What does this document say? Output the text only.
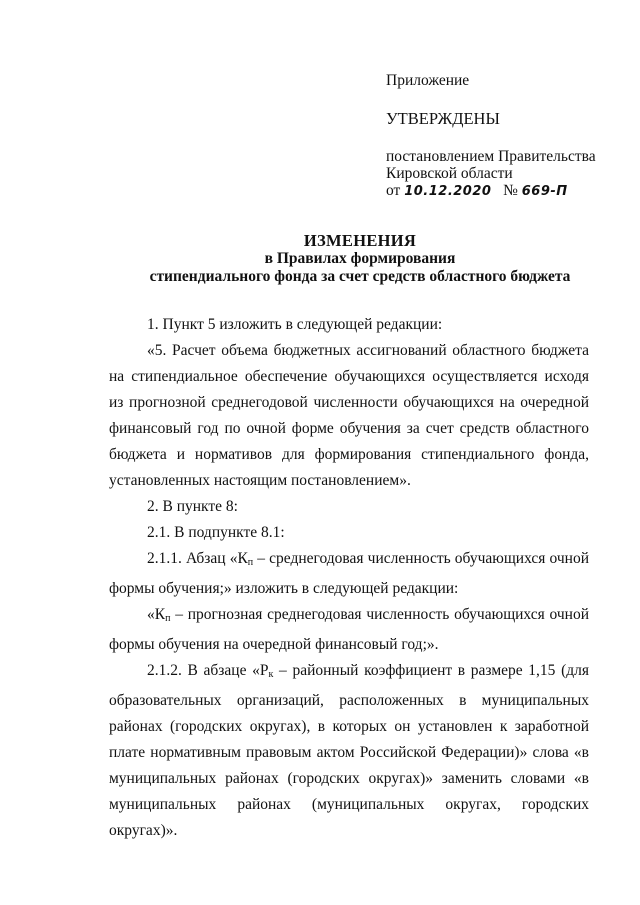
Приложение
УТВЕРЖДЕНЫ
постановлением Правительства
Кировской области
от 10.12.2020 № 669-П
ИЗМЕНЕНИЯ
в Правилах формирования
стипендиального фонда за счет средств областного бюджета

1. Пункт 5 изложить в следующей редакции:

«5. Расчет объема бюджетных ассигнований областного бюджета на стипендиальное обеспечение обучающихся осуществляется исходя из прогнозной среднегодовой численности обучающихся на очередной финансовый год по очной форме обучения за счет средств областного бюджета и нормативов для формирования стипендиального фонда, установленных настоящим постановлением».

2. В пункте 8:

2.1. В подпункте 8.1:

2.1.1. Абзац «$К_п$ – среднегодовая численность обучающихся очной формы обучения;» изложить в следующей редакции:

«$К_п$ – прогнозная среднегодовая численность обучающихся очной формы обучения на очередной финансовый год;».

2.1.2. В абзаце «$Р_к$ – районный коэффициент в размере 1,15 (для образовательных организаций, расположенных в муниципальных районах (городских округах), в которых он установлен к заработной плате нормативным правовым актом Российской Федерации)» слова «в муниципальных районах (городских округах)» заменить словами «в муниципальных районах (муниципальных округах, городских округах)».
